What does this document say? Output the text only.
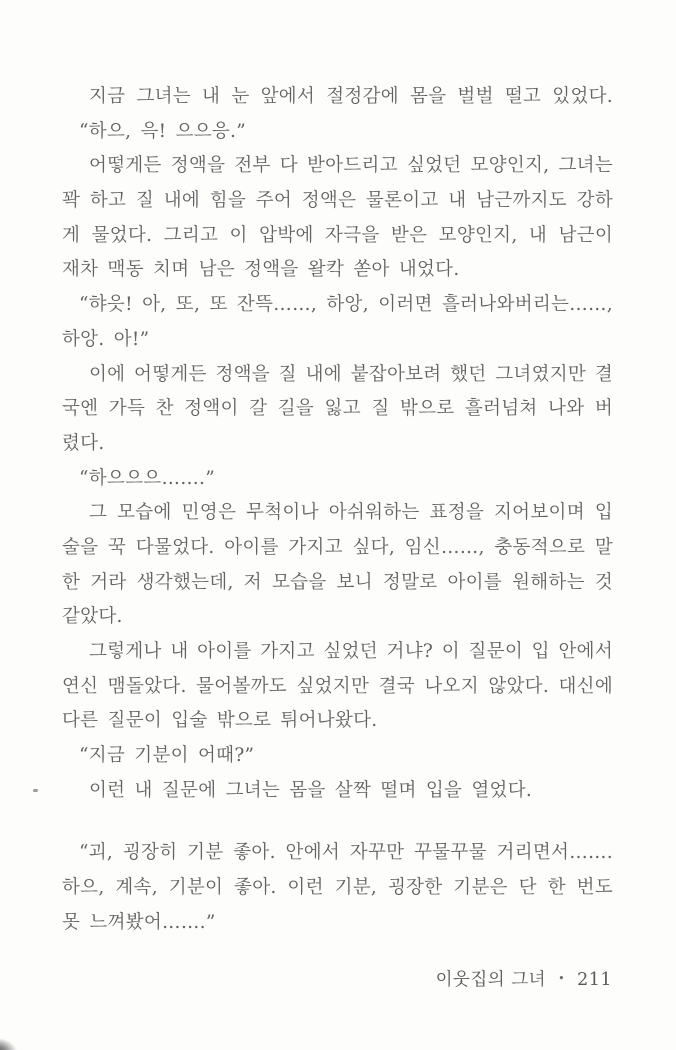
지금 그녀는 내 눈 앞에서 절정감에 몸을 벌벌 떨고 있었다.
“하으, 윽! 으으응.”
어떻게든 정액을 전부 다 받아드리고 싶었던 모양인지, 그녀는
꽉 하고 질 내에 힘을 주어 정액은 물론이고 내 남근까지도 강하
게 물었다. 그리고 이 압박에 자극을 받은 모양인지, 내 남근이
재차 맥동 치며 남은 정액을 왈칵 쏟아 내었다.
“햐읏! 아, 또, 또 잔뜩……, 하앙, 이러면 흘러나와버리는……,
하앙. 아!”
이에 어떻게든 정액을 질 내에 붙잡아보려 했던 그녀였지만 결
국엔 가득 찬 정액이 갈 길을 잃고 질 밖으로 흘러넘쳐 나와 버
렸다.
“하으으으…….”
그 모습에 민영은 무척이나 아쉬워하는 표정을 지어보이며 입
술을 꾹 다물었다. 아이를 가지고 싶다, 임신……, 충동적으로 말
한 거라 생각했는데, 저 모습을 보니 정말로 아이를 원해하는 것
같았다.
그렇게나 내 아이를 가지고 싶었던 거냐? 이 질문이 입 안에서
연신 맴돌았다. 물어볼까도 싶었지만 결국 나오지 않았다. 대신에
다른 질문이 입술 밖으로 튀어나왔다.
“지금 기분이 어때?”
이런 내 질문에 그녀는 몸을 살짝 떨며 입을 열었다.
“괴, 굉장히 기분 좋아. 안에서 자꾸만 꾸물꾸물 거리면서…….
하으, 계속, 기분이 좋아. 이런 기분, 굉장한 기분은 단 한 번도
못 느껴봤어…….”
이웃집의 그녀 • 211
